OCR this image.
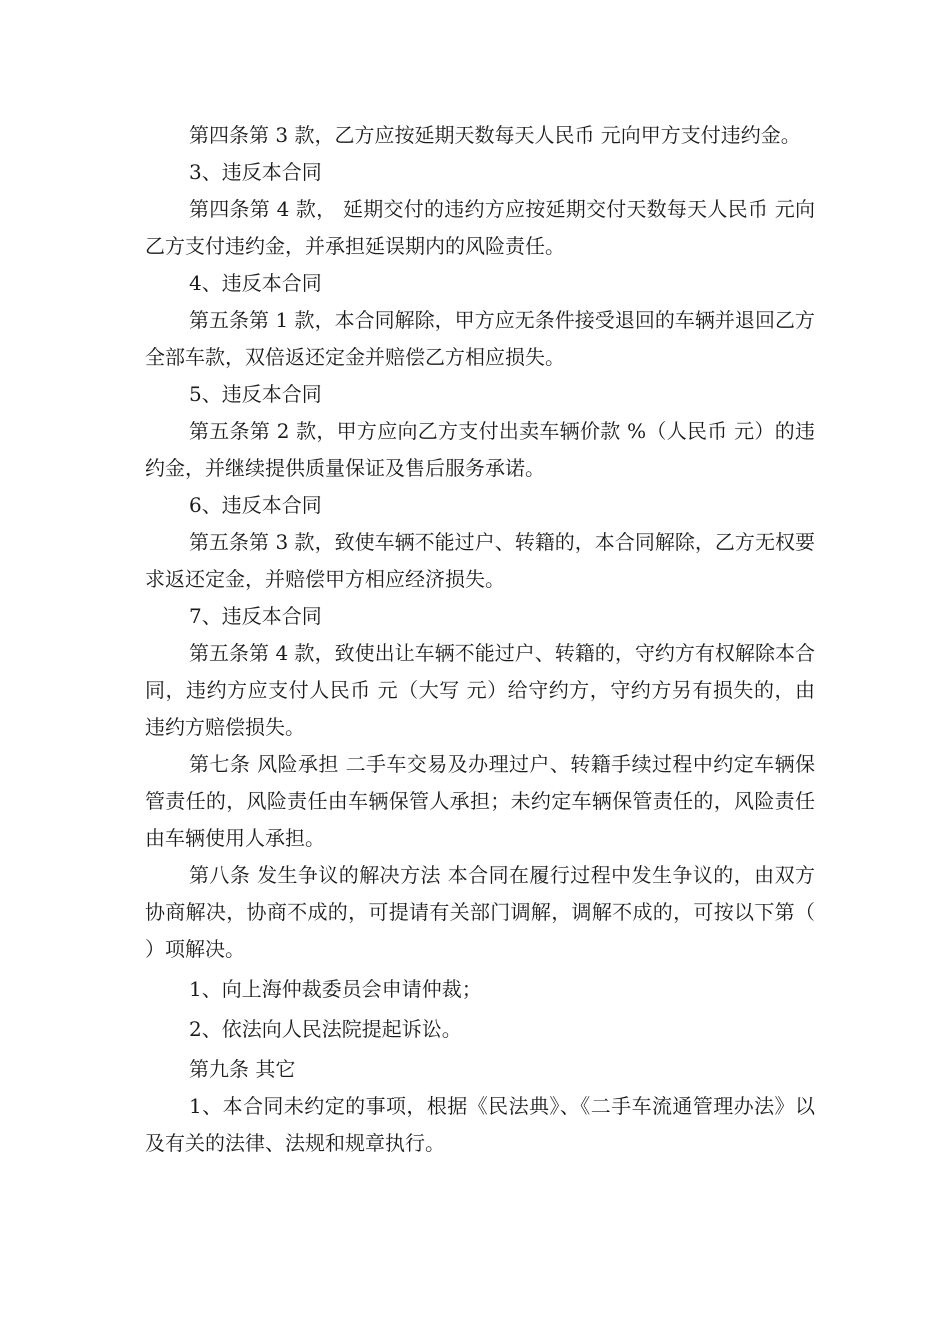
第四条第 3 款，乙方应按延期天数每天人民币 元向甲方支付违约金。

3、违反本合同

第四条第 4 款， 延期交付的违约方应按延期交付天数每天人民币 元向乙方支付违约金，并承担延误期内的风险责任。

4、违反本合同

第五条第 1 款，本合同解除，甲方应无条件接受退回的车辆并退回乙方全部车款，双倍返还定金并赔偿乙方相应损失。

5、违反本合同

第五条第 2 款，甲方应向乙方支付出卖车辆价款 %（人民币 元）的违约金，并继续提供质量保证及售后服务承诺。

6、违反本合同

第五条第 3 款，致使车辆不能过户、转籍的，本合同解除，乙方无权要求返还定金，并赔偿甲方相应经济损失。

7、违反本合同

第五条第 4 款，致使出让车辆不能过户、转籍的，守约方有权解除本合同，违约方应支付人民币 元（大写 元）给守约方，守约方另有损失的，由违约方赔偿损失。

第七条 风险承担 二手车交易及办理过户、转籍手续过程中约定车辆保管责任的，风险责任由车辆保管人承担；未约定车辆保管责任的，风险责任由车辆使用人承担。

第八条 发生争议的解决方法 本合同在履行过程中发生争议的，由双方协商解决，协商不成的，可提请有关部门调解，调解不成的，可按以下第（ ）项解决。

1、向上海仲裁委员会申请仲裁；

2、依法向人民法院提起诉讼。

第九条 其它

1、本合同未约定的事项，根据《民法典》、《二手车流通管理办法》以及有关的法律、法规和规章执行。
